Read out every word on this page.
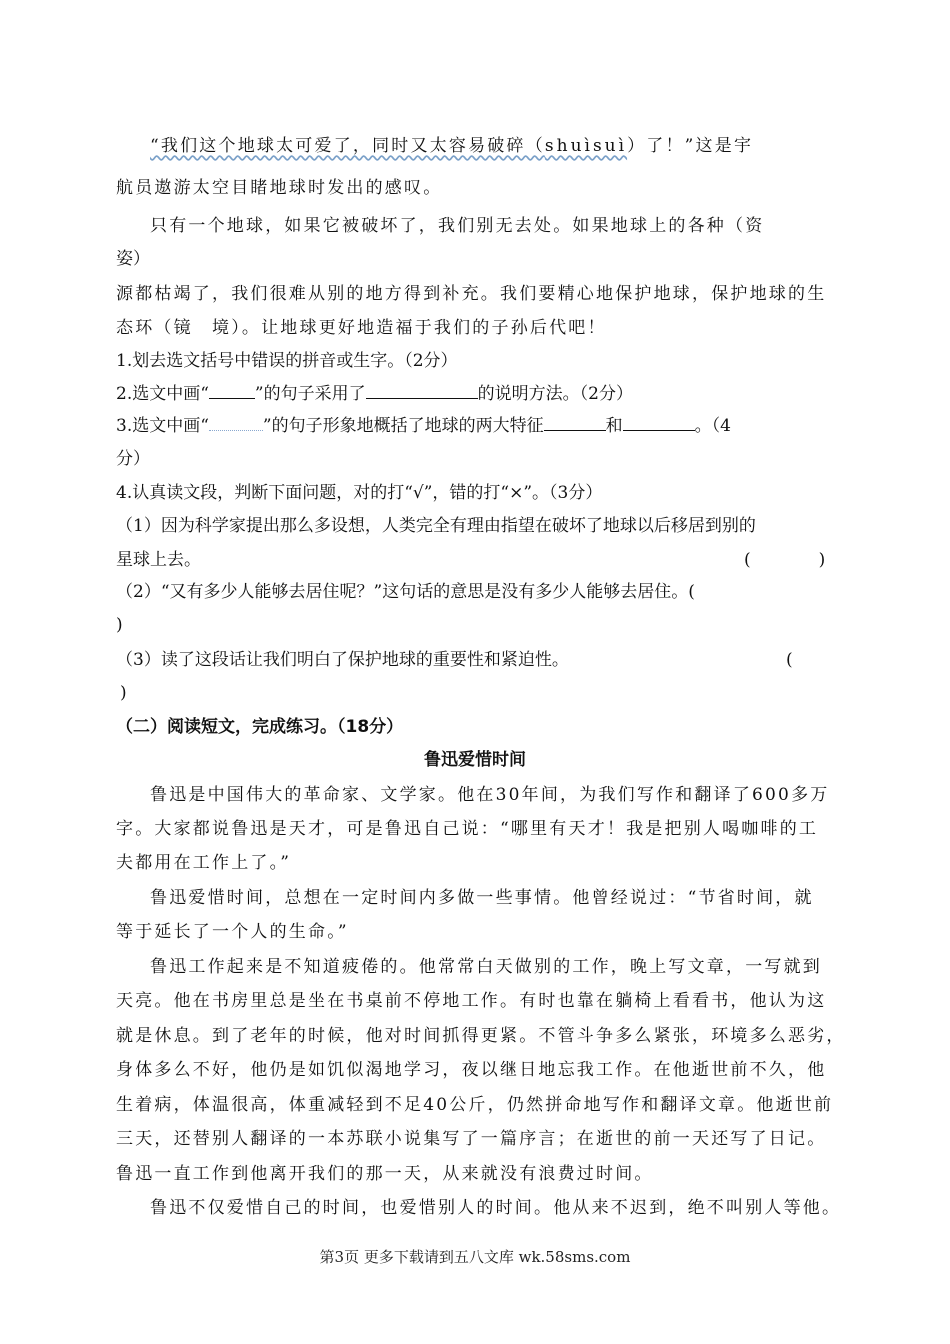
“我们这个地球太可爱了，同时又太容易破碎（shuìsuì）了！”这是宇
航员遨游太空目睹地球时发出的感叹。
只有一个地球，如果它被破坏了，我们别无去处。如果地球上的各种（资
姿）
源都枯竭了，我们很难从别的地方得到补充。我们要精心地保护地球，保护地球的生
态环（镜　境）。让地球更好地造福于我们的子孙后代吧！
1.划去选文括号中错误的拼音或生字。（2分）
2.选文中画“	”的句子采用了	的说明方法。（2分）
3.选文中画“	”的句子形象地概括了地球的两大特征	和	。（4
分）
4.认真读文段，判断下面问题，对的打“√”，错的打“×”。（3分）
（1）因为科学家提出那么多设想，人类完全有理由指望在破坏了地球以后移居到别的
星球上去。	(　　　　)
（2）“又有多少人能够去居住呢？”这句话的意思是没有多少人能够去居住。(
)
（3）读了这段话让我们明白了保护地球的重要性和紧迫性。	(
)
（二）阅读短文，完成练习。（18分）
鲁迅爱惜时间
鲁迅是中国伟大的革命家、文学家。他在30年间，为我们写作和翻译了600多万
字。大家都说鲁迅是天才，可是鲁迅自己说：“哪里有天才！我是把别人喝咖啡的工
夫都用在工作上了。”
鲁迅爱惜时间，总想在一定时间内多做一些事情。他曾经说过：“节省时间，就
等于延长了一个人的生命。”
鲁迅工作起来是不知道疲倦的。他常常白天做别的工作，晚上写文章，一写就到
天亮。他在书房里总是坐在书桌前不停地工作。有时也靠在躺椅上看看书，他认为这
就是休息。到了老年的时候，他对时间抓得更紧。不管斗争多么紧张，环境多么恶劣，
身体多么不好，他仍是如饥似渴地学习，夜以继日地忘我工作。在他逝世前不久，他
生着病，体温很高，体重减轻到不足40公斤，仍然拼命地写作和翻译文章。他逝世前
三天，还替别人翻译的一本苏联小说集写了一篇序言；在逝世的前一天还写了日记。
鲁迅一直工作到他离开我们的那一天，从来就没有浪费过时间。
鲁迅不仅爱惜自己的时间，也爱惜别人的时间。他从来不迟到，绝不叫别人等他。
第3页 更多下载请到五八文库 wk.58sms.com
